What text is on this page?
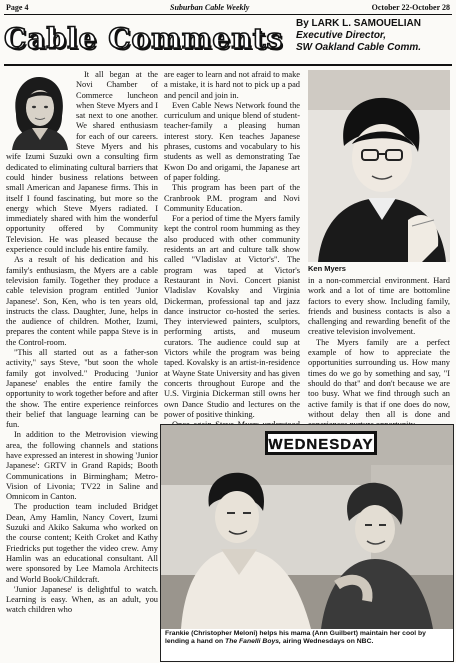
Page 4	Suburban Cable Weekly	October 22-October 28
Cable Comments By LARK L. SAMOUELIAN
Executive Director,
SW Oakland Cable Comm.

It all began at the Novi Chamber of Commerce luncheon when Steve Myers and I sat next to one another. We shared enthusiasm for each of our careers. Steve Myers and his wife Izumi Suzuki own a consulting firm dedicated to eliminating cultural barriers that could hinder business relations between small American and Japanese firms. This in itself I found fascinating, but more so the energy which Steve Myers radiated. I immediately shared with him the wonderful opportunity offered by Community Television. He was pleased because the experience could include his entire family.

As a result of his dedication and his family's enthusiasm, the Myers are a cable television family. Together they produce a cable television program entitled 'Junior Japanese'. Son, Ken, who is ten years old, instructs the class. Daughter, June, helps in the audience of children. Mother, Izumi, prepares the content while pappa Steve is in the Control-room.

"This all started out as a father-son activity," says Steve, "but soon the whole family got involved." Producing 'Junior Japanese' enables the entire family the opportunity to work together before and after the show. The entire experience reinforces their belief that language learning can be fun.

In addition to the Metrovision viewing area, the following channels and stations have expressed an interest in showing 'Junior Japanese': GRTV in Grand Rapids; Booth Communications in Birmingham; Metro-Vision of Livonia; TV22 in Saline and Omnicom in Canton.

The production team included Bridget Dean, Amy Hamlin, Nancy Covert, Izumi Suzuki and Akiko Sakuma who worked on the course content; Keith Croket and Kathy Friedricks put together the video crew. Amy Hamlin was an educational consultant. All were sponsored by Lee Mamola Architects and World Book/Childcraft.

'Junior Japanese' is delightful to watch. Learning is easy. When, as an adult, you watch children who

are eager to learn and not afraid to make a mistake, it is hard not to pick up a pad and pencil and join in.

Even Cable News Network found the curriculum and unique blend of student-teacher-family a pleasing human interest story. Ken teaches Japanese phrases, customs and vocabulary to his students as well as demonstrating Tae Kwon Do and origami, the Japanese art of paper folding.

This program has been part of the Cranbrook P.M. program and Novi Community Education.

For a period of time the Myers family kept the control room humming as they also produced with other community residents an art and culture talk show called "Vladislav at Victor's". The program was taped at Victor's Restaurant in Novi. Concert pianist Vladislav Kovalsky and Virginia Dickerman, professional tap and jazz dance instructor co-hosted the series. They interviewed painters, sculptors, performing artists, and museum curators. The audience could sup at Victors while the program was being taped. Kovalsky is an artist-in-residence at Wayne State University and has given concerts throughout Europe and the U.S. Virginia Dickerman still owns her own Dance Studio and lectures on the power of positive thinking.

Ken Myers

in a non-commercial environment. Hard work and a lot of time are bottomline factors to every show. Including family, friends and business contacts is also a challenging and rewarding benefit of the creative television involvement.

The Myers family are a perfect example of how to appreciate the opportunities surrounding us. How many times do we go by something and say, "I should do that" and don't because we are too busy. What we find through such an active family is that if one does do now, without delay then all is done and

WEDNESDAY
Frankie (Christopher Meloni) helps his mama (Ann Guilbert) maintain her cool by lending a hand on The Fanelli Boys, airing Wednesdays on NBC.
